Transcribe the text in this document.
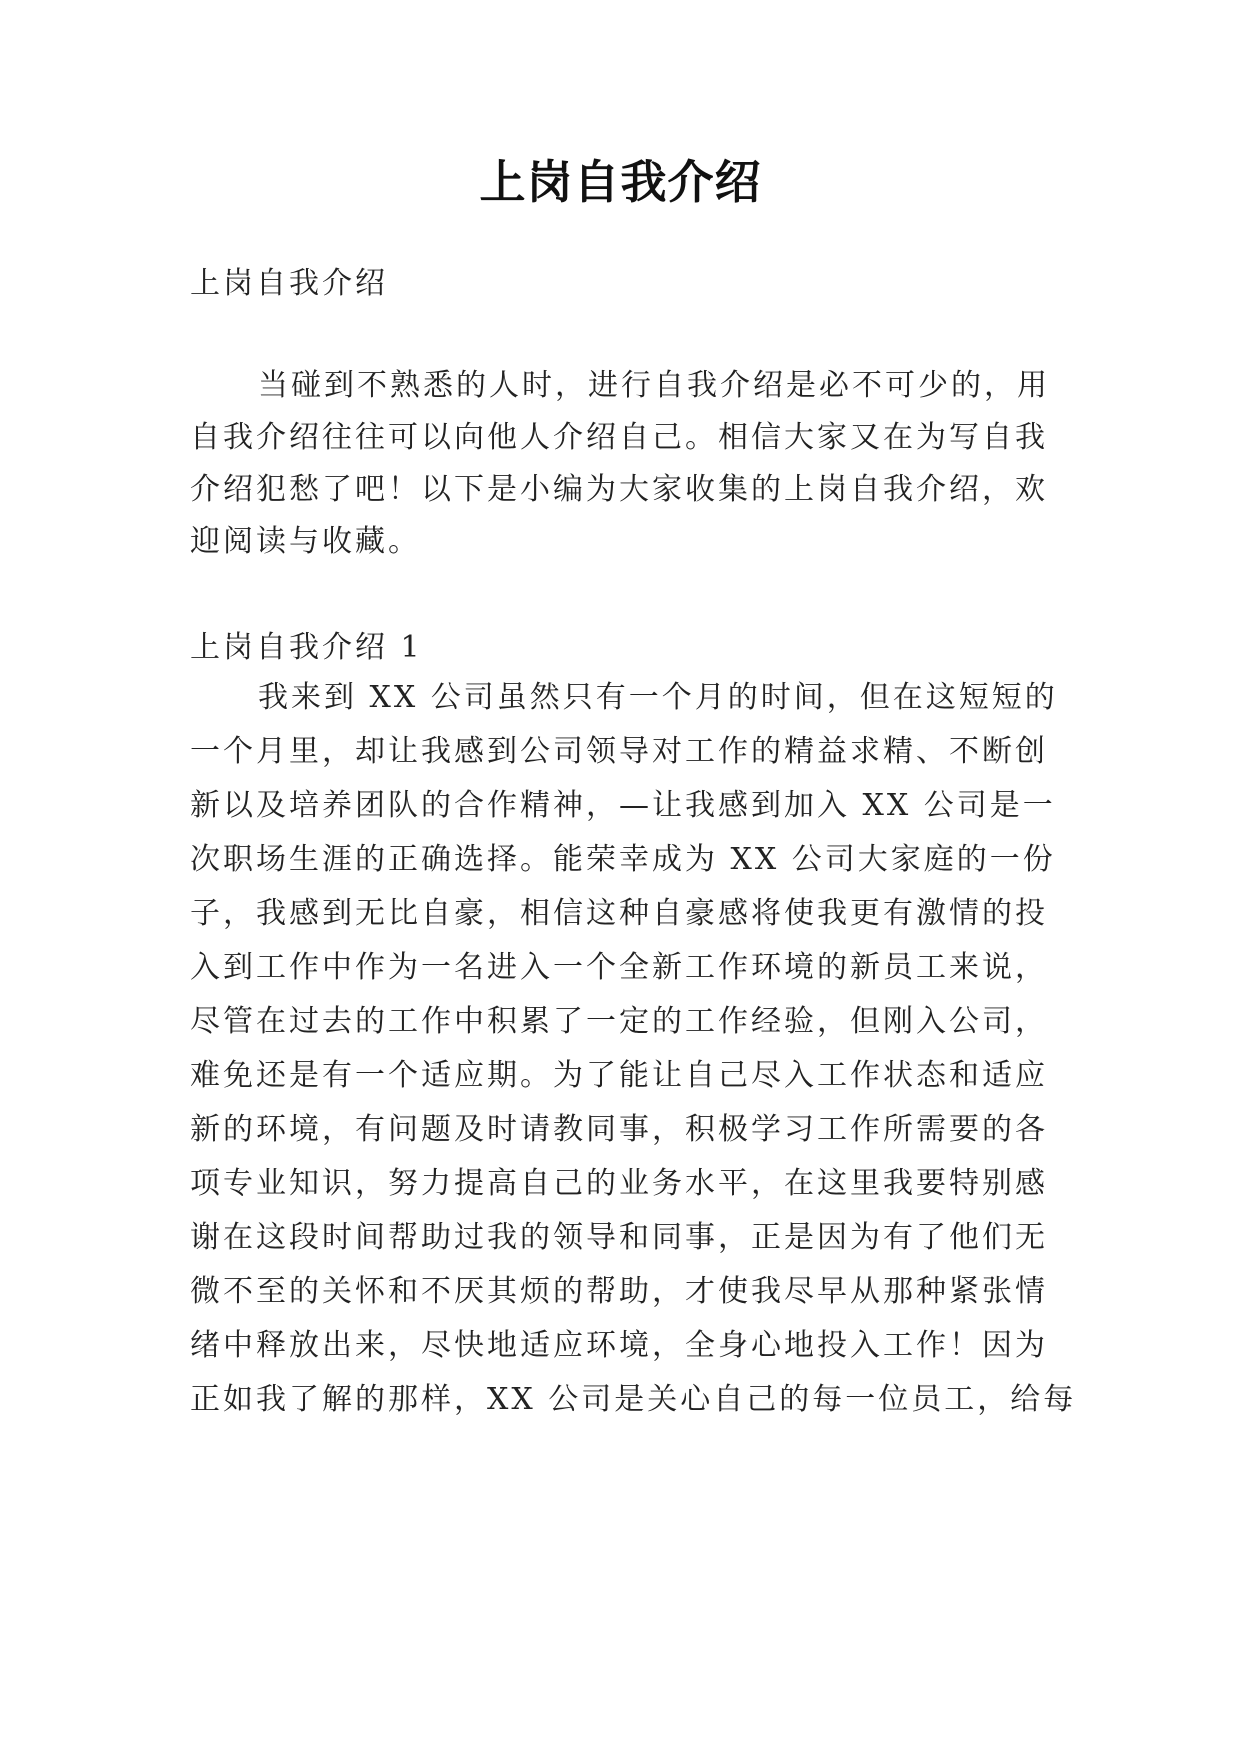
上岗自我介绍

上岗自我介绍

当碰到不熟悉的人时，进行自我介绍是必不可少的，用

自我介绍往往可以向他人介绍自己。相信大家又在为写自我

介绍犯愁了吧！以下是小编为大家收集的上岗自我介绍，欢

迎阅读与收藏。

上岗自我介绍 1

我来到 XX 公司虽然只有一个月的时间，但在这短短的

一个月里，却让我感到公司领导对工作的精益求精、不断创

新以及培养团队的合作精神，—让我感到加入 XX 公司是一

次职场生涯的正确选择。能荣幸成为 XX 公司大家庭的一份

子，我感到无比自豪，相信这种自豪感将使我更有激情的投

入到工作中作为一名进入一个全新工作环境的新员工来说，

尽管在过去的工作中积累了一定的工作经验，但刚入公司，

难免还是有一个适应期。为了能让自己尽入工作状态和适应

新的环境，有问题及时请教同事，积极学习工作所需要的各

项专业知识，努力提高自己的业务水平，在这里我要特别感

谢在这段时间帮助过我的领导和同事，正是因为有了他们无

微不至的关怀和不厌其烦的帮助，才使我尽早从那种紧张情

绪中释放出来，尽快地适应环境，全身心地投入工作！因为

正如我了解的那样，XX 公司是关心自己的每一位员工，给每
